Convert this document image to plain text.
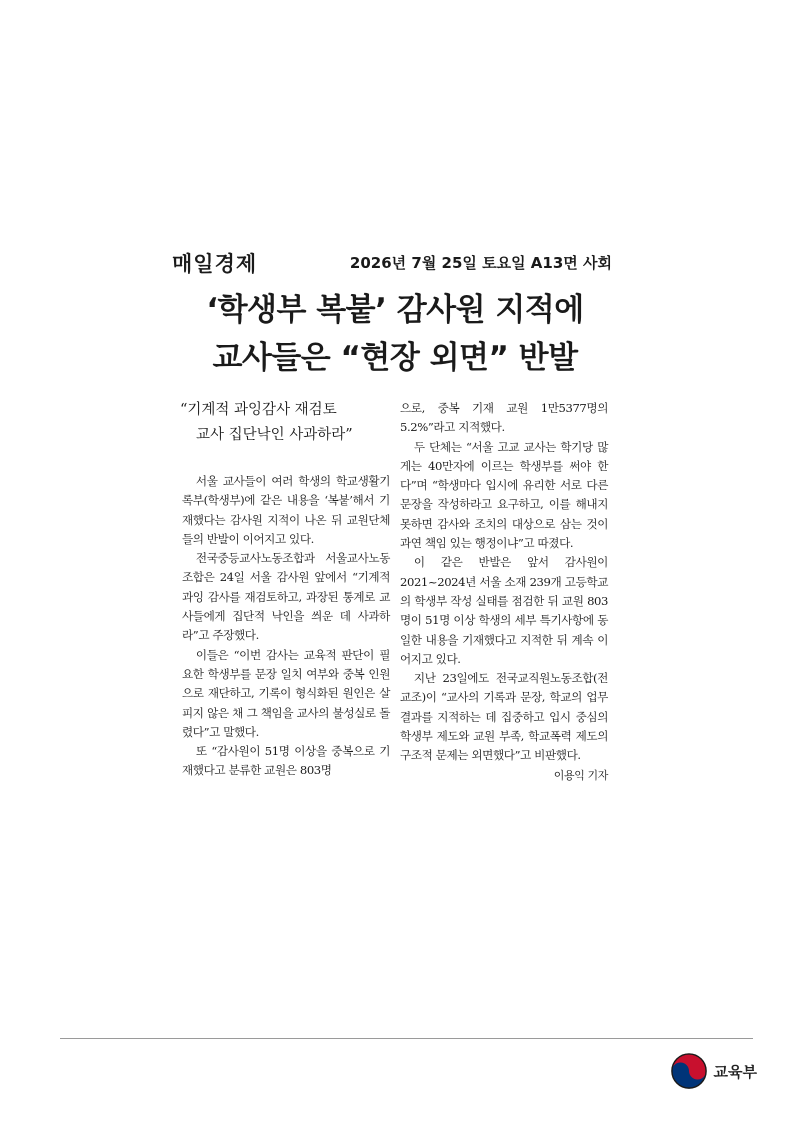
매일경제	2026년 7월 25일 토요일 A13면 사회
‘학생부 복붙’ 감사원 지적에
교사들은 “현장 외면” 반발
“기계적 과잉감사 재검토
교사 집단낙인 사과하라”

서울 교사들이 여러 학생의 학교생활기록부(학생부)에 같은 내용을 ‘복붙’해서 기재했다는 감사원 지적이 나온 뒤 교원단체들의 반발이 이어지고 있다.

전국중등교사노동조합과 서울교사노동조합은 24일 서울 감사원 앞에서 “기계적 과잉 감사를 재검토하고, 과장된 통계로 교사들에게 집단적 낙인을 씌운 데 사과하라”고 주장했다.

이들은 “이번 감사는 교육적 판단이 필요한 학생부를 문장 일치 여부와 중복 인원으로 재단하고, 기록이 형식화된 원인은 살피지 않은 채 그 책임을 교사의 불성실로 돌렸다”고 말했다.

또 “감사원이 51명 이상을 중복으로 기재했다고 분류한 교원은 803명

으로, 중복 기재 교원 1만5377명의 5.2%”라고 지적했다.

두 단체는 “서울 고교 교사는 학기당 많게는 40만자에 이르는 학생부를 써야 한다”며 “학생마다 입시에 유리한 서로 다른 문장을 작성하라고 요구하고, 이를 해내지 못하면 감사와 조치의 대상으로 삼는 것이 과연 책임 있는 행정이냐”고 따졌다.

이 같은 반발은 앞서 감사원이 2021~2024년 서울 소재 239개 고등학교의 학생부 작성 실태를 점검한 뒤 교원 803명이 51명 이상 학생의 세부 특기사항에 동일한 내용을 기재했다고 지적한 뒤 계속 이어지고 있다.

지난 23일에도 전국교직원노동조합(전교조)이 “교사의 기록과 문장, 학교의 업무 결과를 지적하는 데 집중하고 입시 중심의 학생부 제도와 교원 부족, 학교폭력 제도의 구조적 문제는 외면했다”고 비판했다.

이용익 기자
교육부
